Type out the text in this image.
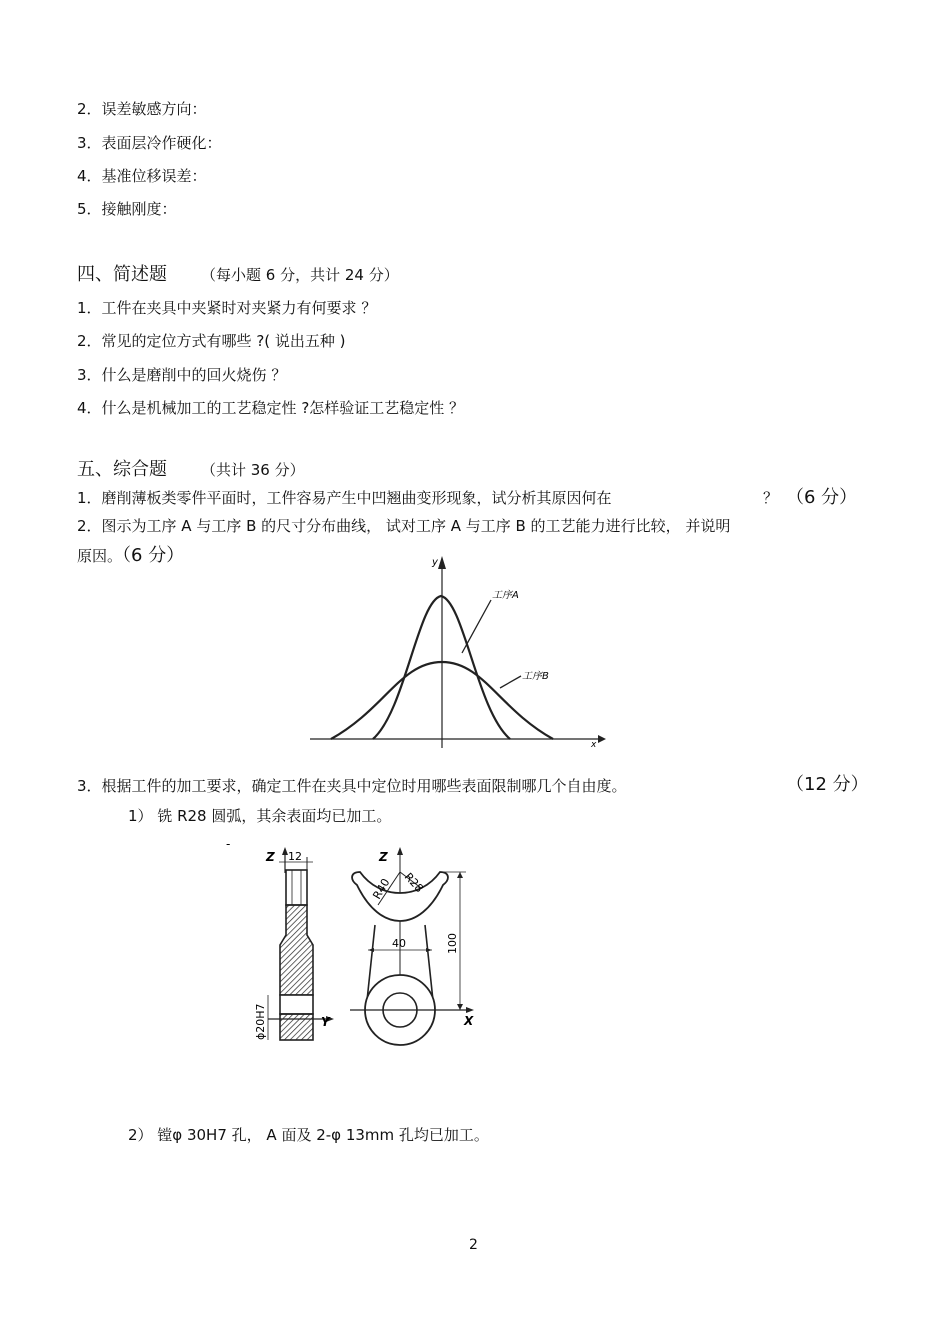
2．误差敏感方向：
3．表面层冷作硬化：
4．基准位移误差：
5．接触刚度：
四、简述题 （每小题 6 分，共计 24 分）
1．工件在夹具中夹紧时对夹紧力有何要求 ？
2．常见的定位方式有哪些 ?( 说出五种 )
3．什么是磨削中的回火烧伤 ？
4．什么是机械加工的工艺稳定性 ?怎样验证工艺稳定性 ？
五、综合题 （共计 36 分）
1．磨削薄板类零件平面时，工件容易产生中凹翘曲变形现象，试分析其原因何在	？ （6 分）
2．图示为工序 A 与工序 B 的尺寸分布曲线， 试对工序 A 与工序 B 的工艺能力进行比较， 并说明
原因。（6 分）	y
x
工序A
工序B
3．根据工件的加工要求，确定工件在夹具中定位时用哪些表面限制哪几个自由度。	（12 分）
1） 铣 R28 圆弧，其余表面均已加工。
-
Z 12
Y
ϕ20H7
Z
R40 R28
40
X
100
2） 镗φ 30H7 孔， A 面及 2-φ 13mm 孔均已加工。
2
